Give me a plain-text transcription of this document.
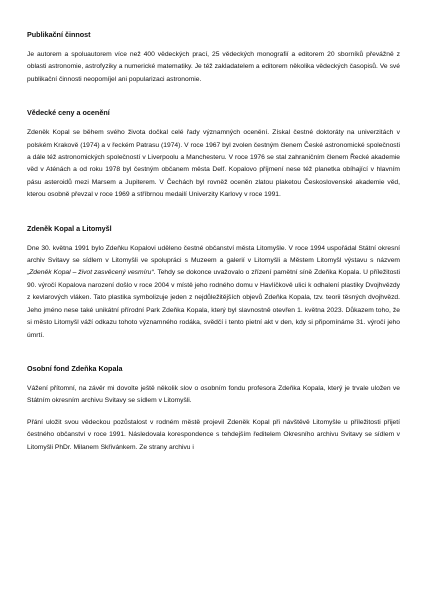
Publikační činnost

Je autorem a spoluautorem více než 400 vědeckých prací, 25 vědeckých monografií a editorem 20 sborníků převážně z oblasti astronomie, astrofyziky a numerické matematiky. Je též zakladatelem a editorem několika vědeckých časopisů. Ve své publikační činnosti neopomíjel ani popularizaci astronomie.

Vědecké ceny a ocenění

Zdeněk Kopal se během svého života dočkal celé řady významných ocenění. Získal čestné doktoráty na univerzitách v polském Krakově (1974) a v řeckém Patrasu (1974). V roce 1967 byl zvolen čestným členem České astronomické společnosti a dále též astronomických společností v Liverpoolu a Manchesteru. V roce 1976 se stal zahraničním členem Řecké akademie věd v Aténách a od roku 1978 byl čestným občanem města Delf. Kopalovo příjmení nese též planetka obíhající v hlavním pásu asteroidů mezi Marsem a Jupiterem. V Čechách byl rovněž oceněn zlatou plaketou Československé akademie věd, kterou osobně převzal v roce 1969 a stříbrnou medailí Univerzity Karlovy v roce 1991.

Zdeněk Kopal a Litomyšl

Dne 30. května 1991 bylo Zdeňku Kopalovi uděleno čestné občanství města Litomyšle. V roce 1994 uspořádal Státní okresní archiv Svitavy se sídlem v Litomyšli ve spolupráci s Muzeem a galerií v Litomyšli a Městem Litomyšl výstavu s názvem „Zdeněk Kopal – život zasvěcený vesmíru“. Tehdy se dokonce uvažovalo o zřízení pamětní síně Zdeňka Kopala. U příležitosti 90. výročí Kopalova narození došlo v roce 2004 v místě jeho rodného domu v Havlíčkově ulici k odhalení plastiky Dvojhvězdy z kevlarových vláken. Tato plastika symbolizuje jeden z nejdůležitějších objevů Zdeňka Kopala, tzv. teorii těsných dvojhvězd. Jeho jméno nese také unikátní přírodní Park Zdeňka Kopala, který byl slavnostně otevřen 1. května 2023. Důkazem toho, že si město Litomyšl váží odkazu tohoto významného rodáka, svědčí i tento pietní akt v den, kdy si připomínáme 31. výročí jeho úmrtí.

Osobní fond Zdeňka Kopala

Vážení přítomní, na závěr mi dovolte ještě několik slov o osobním fondu profesora Zdeňka Kopala, který je trvale uložen ve Státním okresním archivu Svitavy se sídlem v Litomyšli.

Přání uložit svou vědeckou pozůstalost v rodném městě projevil Zdeněk Kopal při návštěvě Litomyšle u příležitosti přijetí čestného občanství v roce 1991. Následovala korespondence s tehdejším ředitelem Okresního archivu Svitavy se sídlem v Litomyšli PhDr. Milanem Skřivánkem. Ze strany archivu i
